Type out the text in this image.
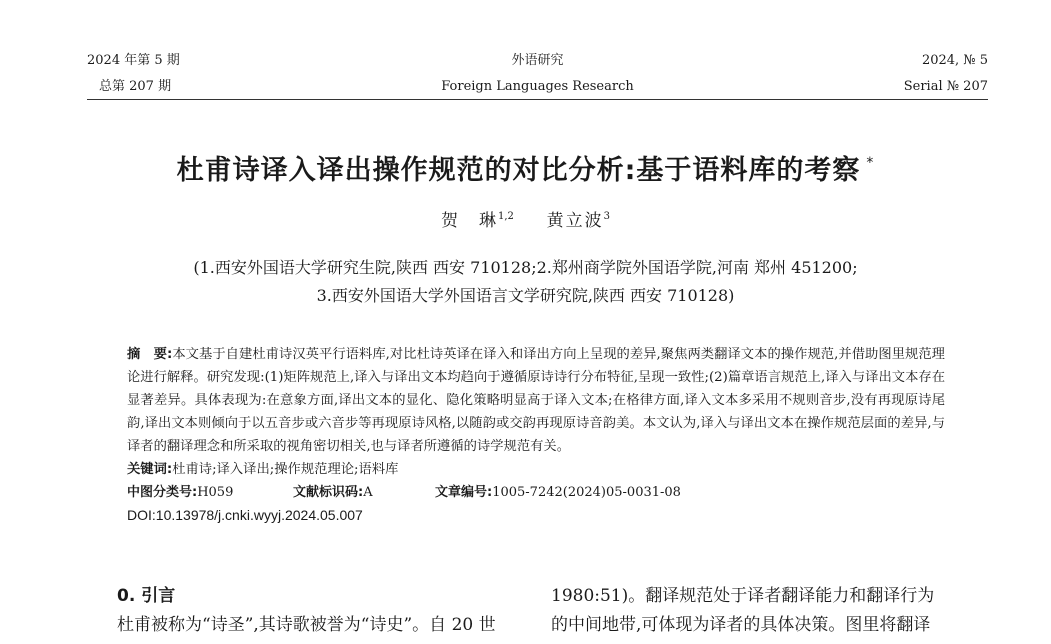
2024 年第 5 期
总第 207 期
外语研究
Foreign Languages Research
2024, № 5
Serial № 207
杜甫诗译入译出操作规范的对比分析:基于语料库的考察 *
贺　琳$^{1,2}$ 黄立波$^3$
(1.西安外国语大学研究生院,陕西 西安 710128;2.郑州商学院外国语学院,河南 郑州 451200;
3.西安外国语大学外国语言文学研究院,陕西 西安 710128)

摘　要:本文基于自建杜甫诗汉英平行语料库,对比杜诗英译在译入和译出方向上呈现的差异,聚焦两类翻译文本的操作规范,并借助图里规范理论进行解释。研究发现:(1)矩阵规范上,译入与译出文本均趋向于遵循原诗诗行分布特征,呈现一致性;(2)篇章语言规范上,译入与译出文本存在显著差异。具体表现为:在意象方面,译出文本的显化、隐化策略明显高于译入文本;在格律方面,译入文本多采用不规则音步,没有再现原诗尾韵,译出文本则倾向于以五音步或六音步等再现原诗风格,以随韵或交韵再现原诗音韵美。本文认为,译入与译出文本在操作规范层面的差异,与译者的翻译理念和所采取的视角密切相关,也与译者所遵循的诗学规范有关。

关键词:杜甫诗;译入译出;操作规范理论;语料库

中图分类号:H059	文献标识码:A	文章编号:1005-7242(2024)05-0031-08
DOI:10.13978/j.cnki.wyyj.2024.05.007

0. 引言

杜甫被称为“诗圣”,其诗歌被誉为“诗史”。自 20 世

1980:51)。翻译规范处于译者翻译能力和翻译行为

的中间地带,可体现为译者的具体决策。图里将翻译
